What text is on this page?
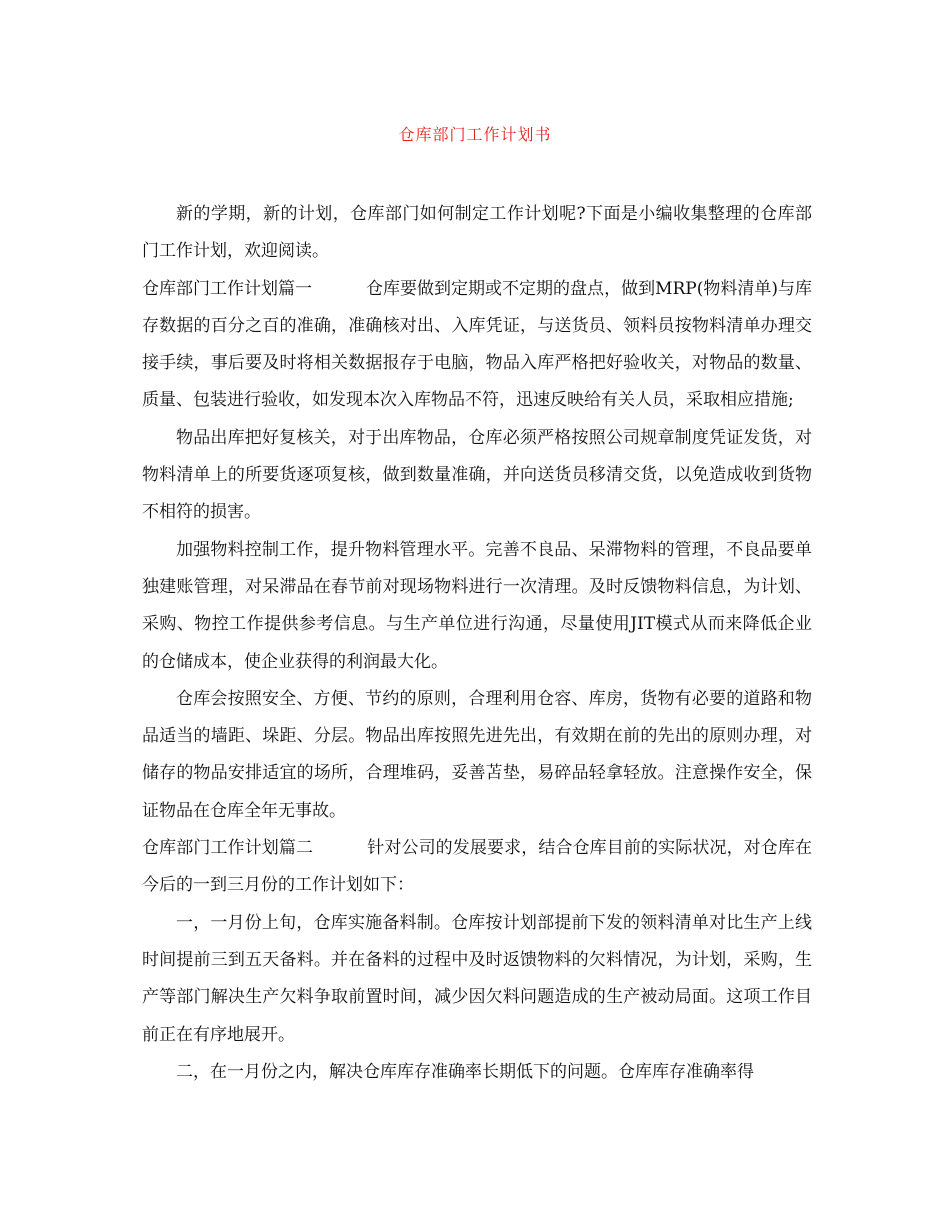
仓库部门工作计划书

新的学期，新的计划，仓库部门如何制定工作计划呢?下面是小编收集整理的仓库部门工作计划，欢迎阅读。

仓库部门工作计划篇一	仓库要做到定期或不定期的盘点，做到MRP(物料清单)与库存数据的百分之百的准确，准确核对出、入库凭证，与送货员、领料员按物料清单办理交接手续，事后要及时将相关数据报存于电脑，物品入库严格把好验收关，对物品的数量、质量、包装进行验收，如发现本次入库物品不符，迅速反映给有关人员，采取相应措施;

物品出库把好复核关，对于出库物品，仓库必须严格按照公司规章制度凭证发货，对物料清单上的所要货逐项复核，做到数量准确，并向送货员移清交货，以免造成收到货物不相符的损害。

加强物料控制工作，提升物料管理水平。完善不良品、呆滞物料的管理，不良品要单独建账管理，对呆滞品在春节前对现场物料进行一次清理。及时反馈物料信息，为计划、采购、物控工作提供参考信息。与生产单位进行沟通，尽量使用JIT模式从而来降低企业的仓储成本，使企业获得的利润最大化。

仓库会按照安全、方便、节约的原则，合理利用仓容、库房，货物有必要的道路和物品适当的墙距、垛距、分层。物品出库按照先进先出，有效期在前的先出的原则办理，对储存的物品安排适宜的场所，合理堆码，妥善苫垫，易碎品轻拿轻放。注意操作安全，保证物品在仓库全年无事故。

仓库部门工作计划篇二	针对公司的发展要求，结合仓库目前的实际状况，对仓库在今后的一到三月份的工作计划如下：

一，一月份上旬，仓库实施备料制。仓库按计划部提前下发的领料清单对比生产上线时间提前三到五天备料。并在备料的过程中及时返馈物料的欠料情况，为计划，采购，生产等部门解决生产欠料争取前置时间，减少因欠料问题造成的生产被动局面。这项工作目前正在有序地展开。

二，在一月份之内，解决仓库库存准确率长期低下的问题。仓库库存准确率得
